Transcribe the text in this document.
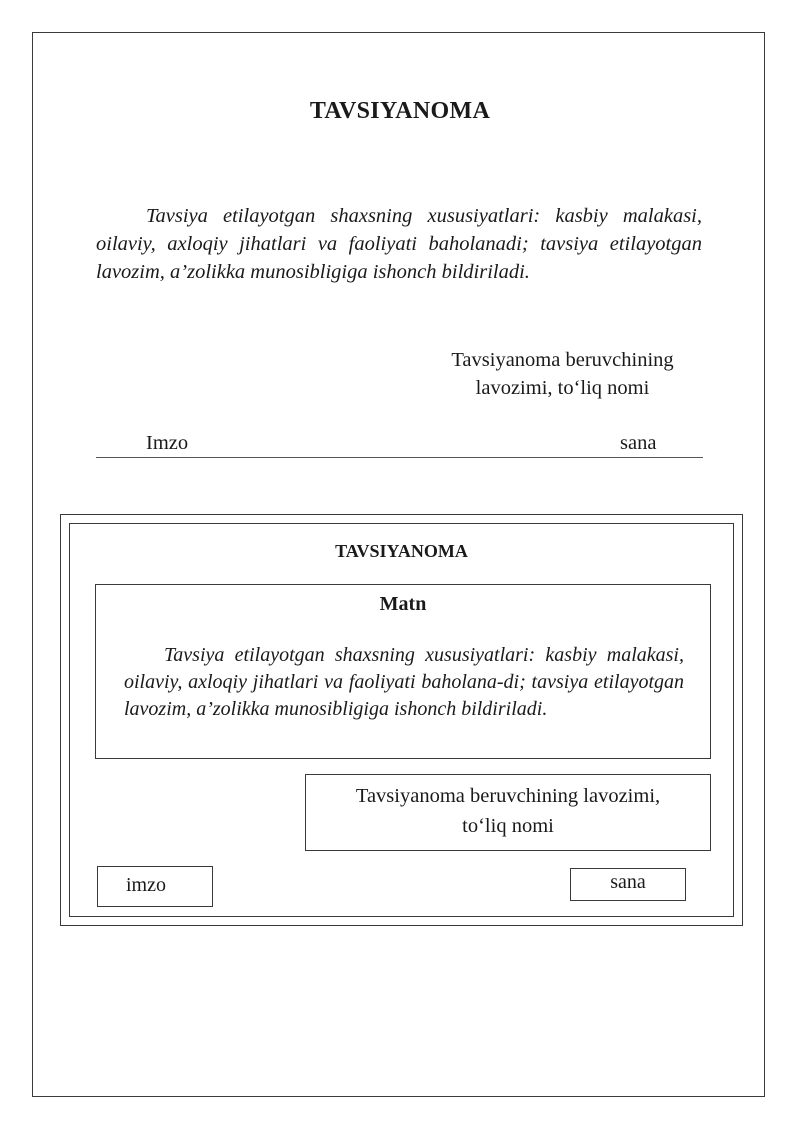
TAVSIYANOMA
Tavsiya etilayotgan shaxsning xususiyatlari: kasbiy malakasi, oilaviy, axloqiy jihatlari va faoliyati baholanadi; tavsiya etilayotgan lavozim, a’zolikka munosibligiga ishonch bildiriladi.
Tavsiyanoma beruvchining
lavozimi, to‘liq nomi
Imzo	sana
TAVSIYANOMA
Matn
Tavsiya etilayotgan shaxsning xususiyatlari: kasbiy malakasi, oilaviy, axloqiy jihatlari va faoliyati baholana-di; tavsiya etilayotgan lavozim, a’zolikka munosibligiga ishonch bildiriladi.
Tavsiyanoma beruvchining lavozimi,
to‘liq nomi
imzo	sana
